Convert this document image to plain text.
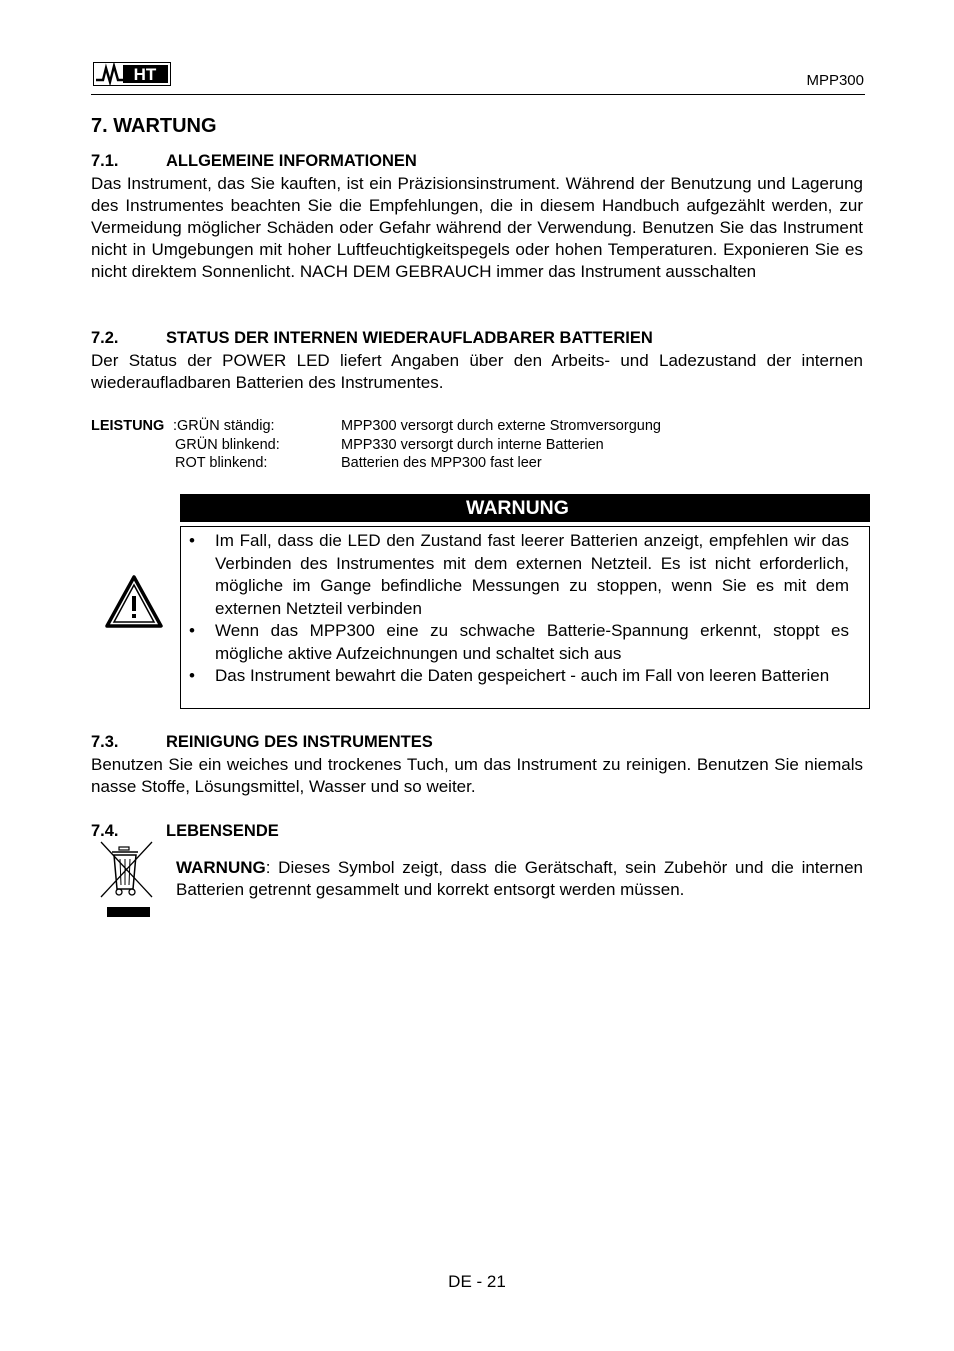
HT	MPP300
7. WARTUNG
7.1.	ALLGEMEINE INFORMATIONEN

Das Instrument, das Sie kauften, ist ein Präzisionsinstrument. Während der Benutzung und Lagerung des Instrumentes beachten Sie die Empfehlungen, die in diesem Handbuch aufgezählt werden, zur Vermeidung möglicher Schäden oder Gefahr während der Verwendung. Benutzen Sie das Instrument nicht in Umgebungen mit hoher Luftfeuchtigkeitspegels oder hohen Temperaturen. Exponieren Sie es nicht direktem Sonnenlicht. NACH DEM GEBRAUCH immer das Instrument ausschalten

7.2.	STATUS DER INTERNEN WIEDERAUFLADBARER BATTERIEN

Der Status der POWER LED liefert Angaben über den Arbeits- und Ladezustand der internen wiederaufladbaren Batterien des Instrumentes.

LEISTUNG :GRÜN ständig:	MPP300 versorgt durch externe Stromversorgung
GRÜN blinkend:	MPP330 versorgt durch interne Batterien
ROT blinkend:	Batterien des MPP300 fast leer
WARNUNG
• Im Fall, dass die LED den Zustand fast leerer Batterien anzeigt, empfehlen wir das Verbinden des Instrumentes mit dem externen Netzteil. Es ist nicht erforderlich, mögliche im Gange befindliche Messungen zu stoppen, wenn Sie es mit dem externen Netzteil verbinden
• Wenn das MPP300 eine zu schwache Batterie-Spannung erkennt, stoppt es mögliche aktive Aufzeichnungen und schaltet sich aus
• Das Instrument bewahrt die Daten gespeichert - auch im Fall von leeren Batterien
7.3.	REINIGUNG DES INSTRUMENTES

Benutzen Sie ein weiches und trockenes Tuch, um das Instrument zu reinigen. Benutzen Sie niemals nasse Stoffe, Lösungsmittel, Wasser und so weiter.

7.4.	LEBENSENDE

WARNUNG: Dieses Symbol zeigt, dass die Gerätschaft, sein Zubehör und die internen Batterien getrennt gesammelt und korrekt entsorgt werden müssen.

DE - 21
